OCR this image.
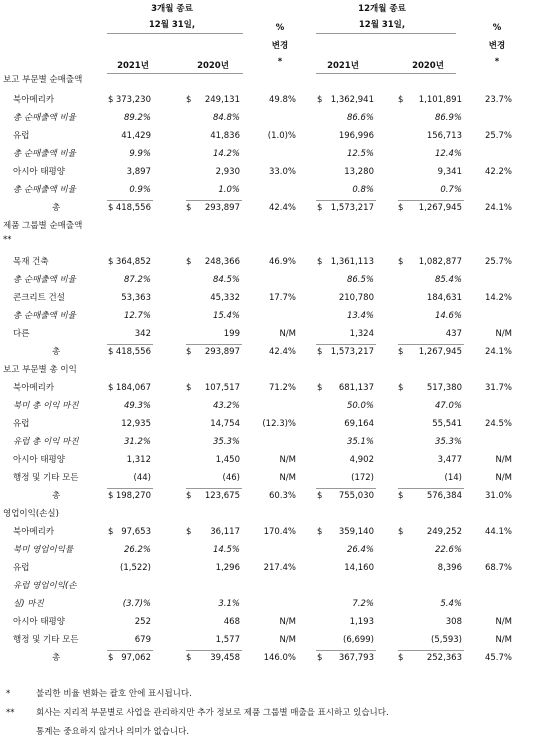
3개월 종료
12월 31일,
12개월 종료
12월 31일,
%
변경
*
%
변경
*
2021년	2020년	2021년	2020년
보고 부문별 순매출액
북아메리카	$ 373,230	$ 249,131	49.8% $ 1,362,941	$ 1,101,891	23.7%
총 순매출액 비율	89.2%	84.8%	86.6%	86.9%
유럽	41,429	41,836	(1.0)%	196,996	156,713	25.7%
총 순매출액 비율	9.9%	14.2%	12.5%	12.4%
아시아 태평양	3,897	2,930	33.0%	13,280	9,341	42.2%
총 순매출액 비율	0.9%	1.0%	0.8%	0.7%
총	$ 418,556	$ 293,897	42.4% $ 1,573,217	$ 1,267,945	24.1%
제품 그룹별 순매출액
**
목재 건축	$ 364,852	$ 248,366	46.9% $ 1,361,113	$ 1,082,877	25.7%
총 순매출액 비율	87.2%	84.5%	86.5%	85.4%
콘크리트 건설	53,363	45,332	17.7%	210,780	184,631	14.2%
총 순매출액 비율	12.7%	15.4%	13.4%	14.6%
다른	342	199	N/M	1,324	437	N/M
총	$ 418,556	$ 293,897	42.4% $ 1,573,217	$ 1,267,945	24.1%
보고 부문별 총 이익
북아메리카	$ 184,067	$ 107,517	71.2% $ 681,137	$	517,380	31.7%
북미 총 이익 마진	49.3%	43.2%	50.0%	47.0%
유럽	12,935	14,754	(12.3)%	69,164	55,541	24.5%
유럽 총 이익 마진	31.2%	35.3%	35.1%	35.3%
아시아 태평양	1,312	1,450	N/M	4,902	3,477	N/M
행정 및 기타 모든	(44)	(46)	N/M	(172)	(14)	N/M
총	$ 198,270	$ 123,675	60.3% $ 755,030	$	576,384	31.0%
영업이익(손실)
북아메리카	$ 97,653	$ 36,117	170.4% $ 359,140	$	249,252	44.1%
북미 영업이익률	26.2%	14.5%	26.4%	22.6%
유럽	(1,522)	1,296	217.4%	14,160	8,396	68.7%
유럽 영업이익(손
실) 마진	(3.7)%	3.1%	7.2%	5.4%
아시아 태평양	252	468	N/M	1,193	308	N/M
행정 및 기타 모든	679	1,577	N/M	(6,699)	(5,593)	N/M
총	$ 97,062	$ 39,458	146.0% $ 367,793	$	252,363	45.7%
*	불리한 비율 변화는 괄호 안에 표시됩니다.
**	회사는 지리적 부문별로 사업을 관리하지만 추가 정보로 제품 그룹별 매출을 표시하고 있습니다.
통계는 중요하지 않거나 의미가 없습니다.
